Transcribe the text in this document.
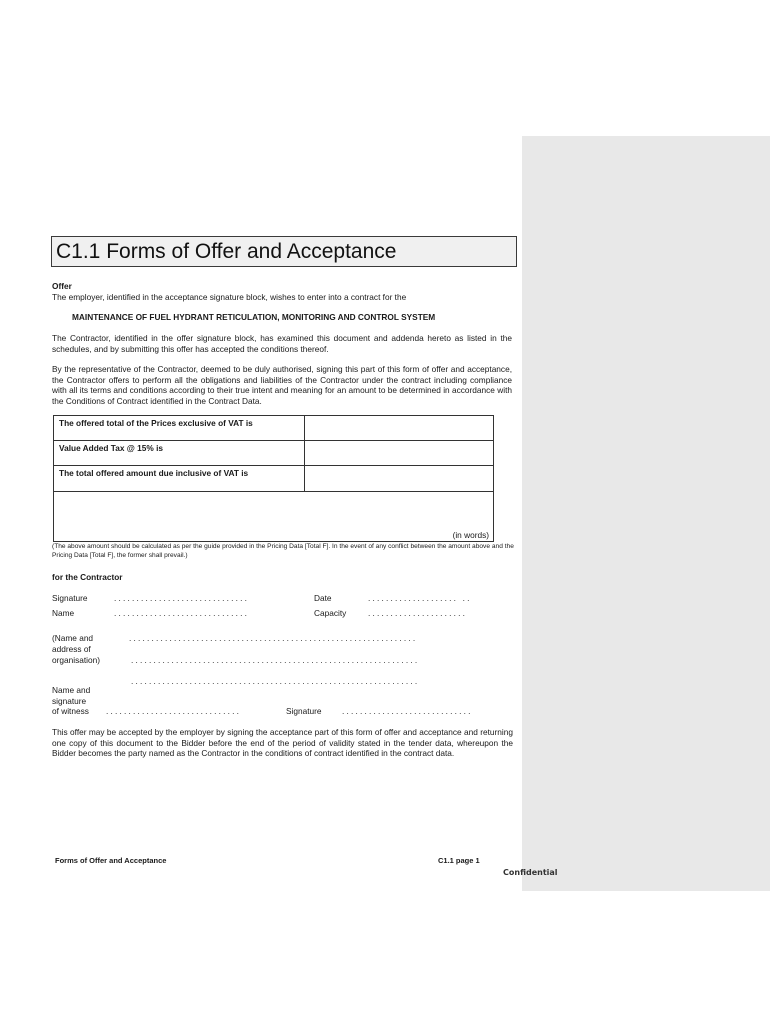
C1.1 Forms of Offer and Acceptance
Offer
The employer, identified in the acceptance signature block, wishes to enter into a contract for the
MAINTENANCE OF FUEL HYDRANT RETICULATION, MONITORING AND CONTROL SYSTEM
The Contractor, identified in the offer signature block, has examined this document and addenda hereto as listed in the schedules, and by submitting this offer has accepted the conditions thereof.
By the representative of the Contractor, deemed to be duly authorised, signing this part of this form of offer and acceptance, the Contractor offers to perform all the obligations and liabilities of the Contractor under the contract including compliance with all its terms and conditions according to their true intent and meaning for an amount to be determined in accordance with the Conditions of Contract identified in the Contract Data.
The offered total of the Prices exclusive of VAT is
Value Added Tax @ 15% is
The total offered amount due inclusive of VAT is
(in words)
(The above amount should be calculated as per the guide provided in the Pricing Data [Total F]. In the event of any conflict between the amount above and the Pricing Data [Total F], the former shall prevail.)
for the Contractor
Signature	..............................	Date	.................... ..
Name	..............................	Capacity	......................
(Name and
address of
organisation)
................................................................
................................................................
................................................................
Name and
signature
of witness ..............................	Signature .............................
This offer may be accepted by the employer by signing the acceptance part of this form of offer and acceptance and returning one copy of this document to the Bidder before the end of the period of validity stated in the tender data, whereupon the Bidder becomes the party named as the Contractor in the conditions of contract identified in the contract data.
Forms of Offer and Acceptance	C1.1 page 1
Confidential
